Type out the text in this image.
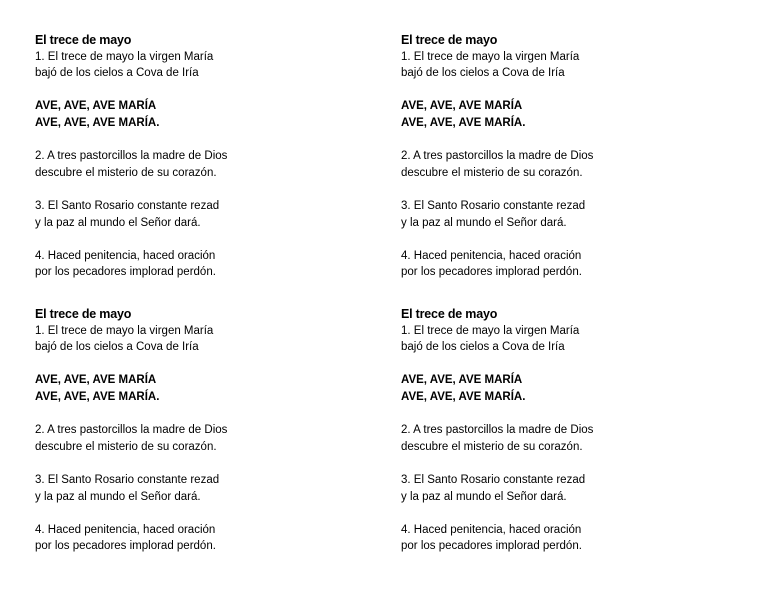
El trece de mayo
1. El trece de mayo la virgen María
bajó de los cielos a Cova de Iría
AVE, AVE, AVE MARÍA
AVE, AVE, AVE MARÍA.
2. A tres pastorcillos la madre de Dios
descubre el misterio de su corazón.
3. El Santo Rosario constante rezad
y la paz al mundo el Señor dará.
4. Haced penitencia, haced oración
por los pecadores implorad perdón.
El trece de mayo
1. El trece de mayo la virgen María
bajó de los cielos a Cova de Iría
AVE, AVE, AVE MARÍA
AVE, AVE, AVE MARÍA.
2. A tres pastorcillos la madre de Dios
descubre el misterio de su corazón.
3. El Santo Rosario constante rezad
y la paz al mundo el Señor dará.
4. Haced penitencia, haced oración
por los pecadores implorad perdón.
El trece de mayo
1. El trece de mayo la virgen María
bajó de los cielos a Cova de Iría
AVE, AVE, AVE MARÍA
AVE, AVE, AVE MARÍA.
2. A tres pastorcillos la madre de Dios
descubre el misterio de su corazón.
3. El Santo Rosario constante rezad
y la paz al mundo el Señor dará.
4. Haced penitencia, haced oración
por los pecadores implorad perdón.
El trece de mayo
1. El trece de mayo la virgen María
bajó de los cielos a Cova de Iría
AVE, AVE, AVE MARÍA
AVE, AVE, AVE MARÍA.
2. A tres pastorcillos la madre de Dios
descubre el misterio de su corazón.
3. El Santo Rosario constante rezad
y la paz al mundo el Señor dará.
4. Haced penitencia, haced oración
por los pecadores implorad perdón.
